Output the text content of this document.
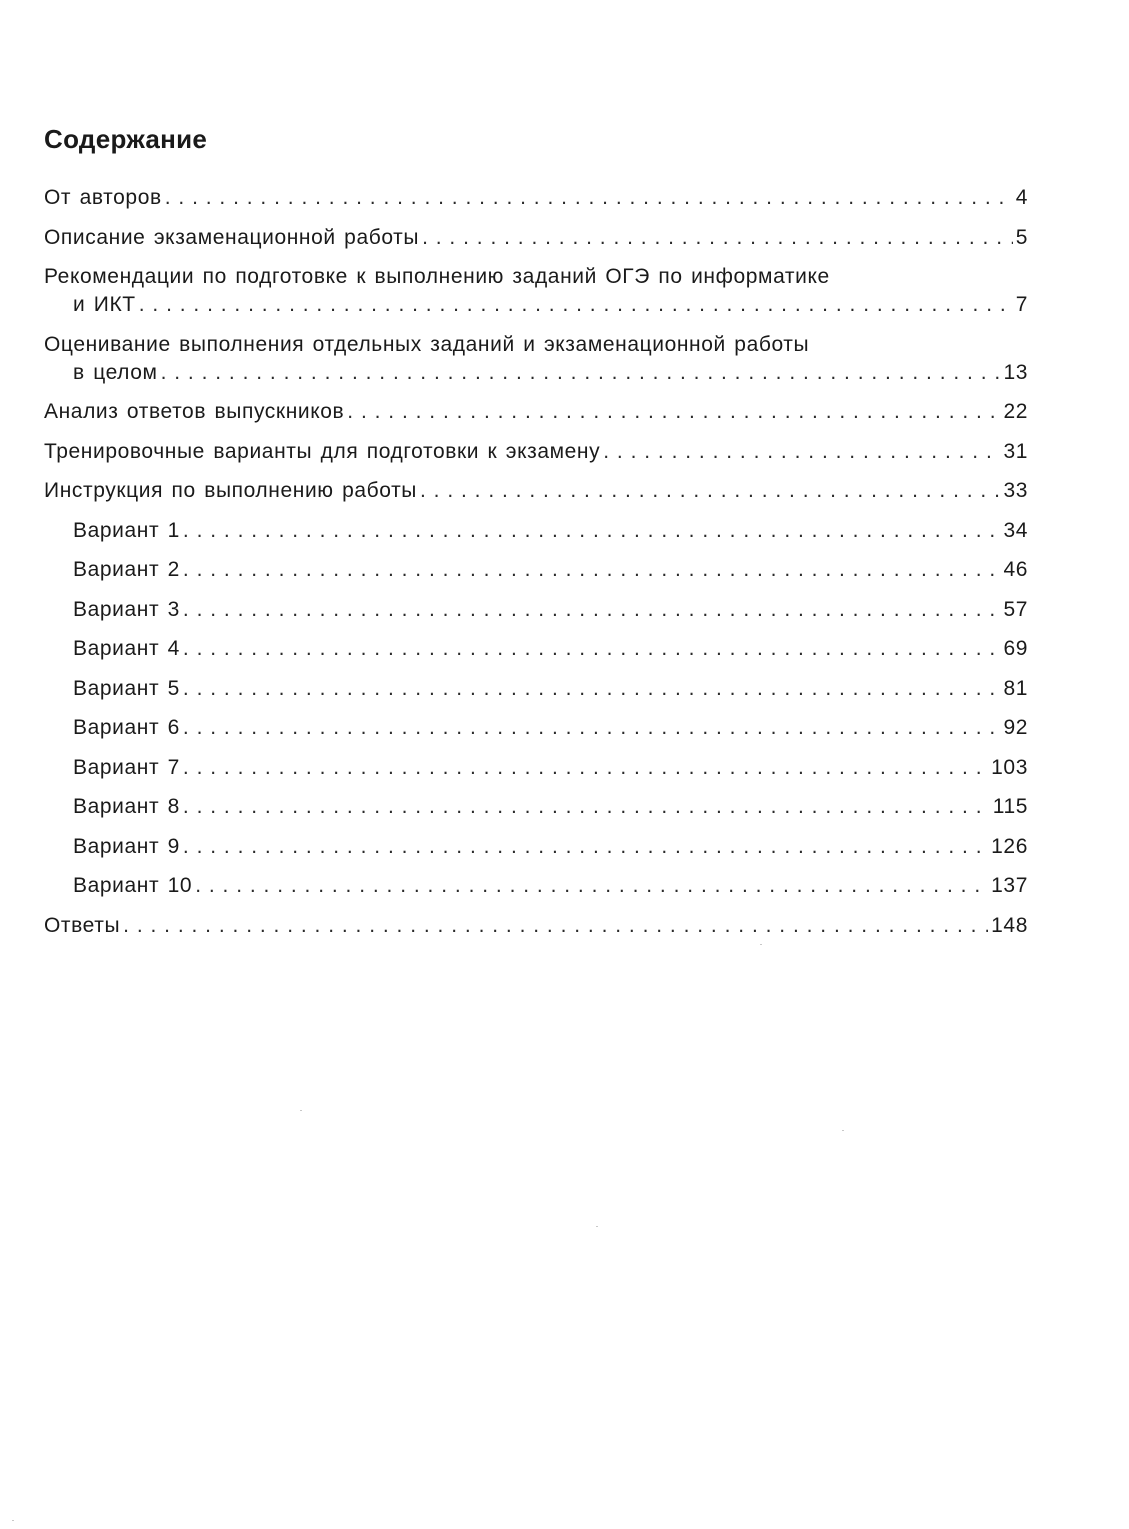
Содержание
От авторов . . .	4
Описание экзаменационной работы . . .	5
Рекомендации по подготовке к выполнению заданий ОГЭ по информатике
и ИКТ . . .	7
Оценивание выполнения отдельных заданий и экзаменационной работы
в целом . . .	13
Анализ ответов выпускников . . .	22
Тренировочные варианты для подготовки к экзамену . . .	31
Инструкция по выполнению работы . . .	33
Вариант 1 . . .	34
Вариант 2 . . .	46
Вариант 3 . . .	57
Вариант 4 . . .	69
Вариант 5 . . .	81
Вариант 6 . . .	92
Вариант 7 . . .	103
Вариант 8 . . .	115
Вариант 9 . . .	126
Вариант 10 . . .	137
Ответы . . .	148
